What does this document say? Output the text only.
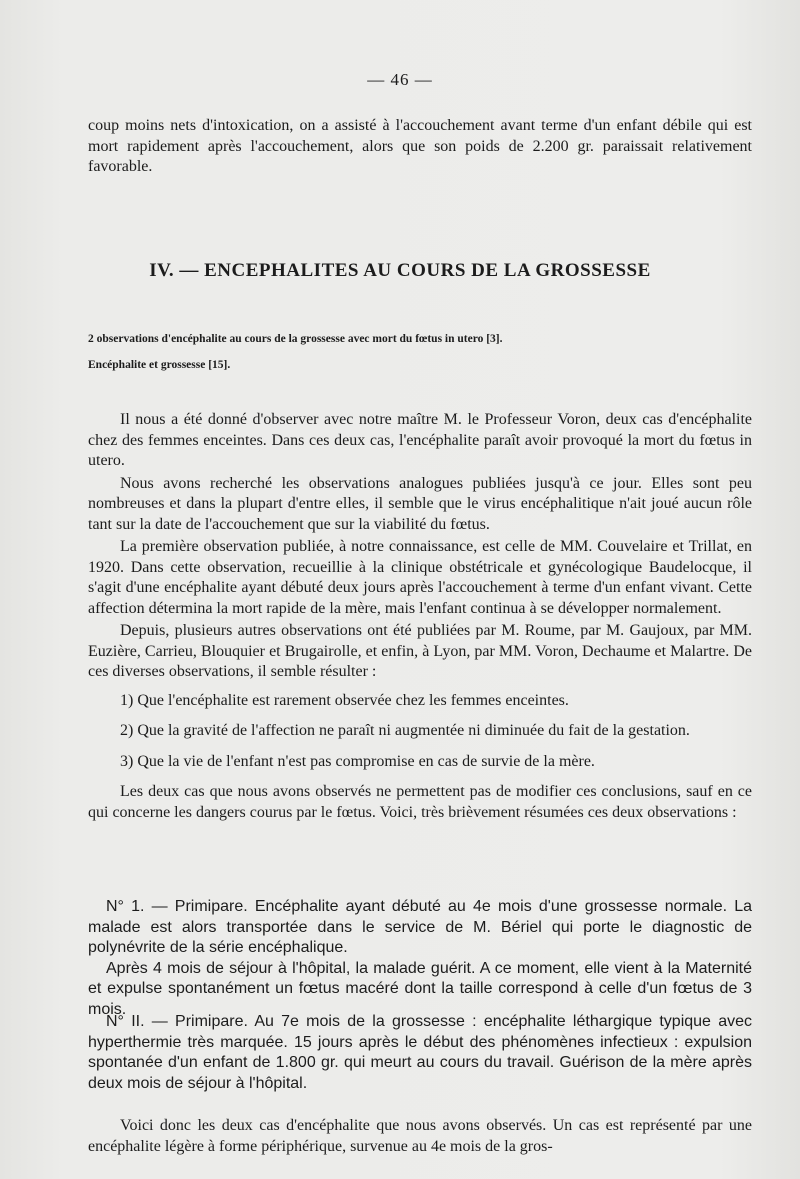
— 46 —

coup moins nets d'intoxication, on a assisté à l'accouchement avant terme d'un enfant débile qui est mort rapidement après l'accouchement, alors que son poids de 2.200 gr. paraissait relativement favorable.

IV. — ENCEPHALITES AU COURS DE LA GROSSESSE

2 observations d'encéphalite au cours de la grossesse avec mort du fœtus in utero [3].

Encéphalite et grossesse [15].

Il nous a été donné d'observer avec notre maître M. le Professeur Voron, deux cas d'encéphalite chez des femmes enceintes. Dans ces deux cas, l'encéphalite paraît avoir provoqué la mort du fœtus in utero.

Nous avons recherché les observations analogues publiées jusqu'à ce jour. Elles sont peu nombreuses et dans la plupart d'entre elles, il semble que le virus encéphalitique n'ait joué aucun rôle tant sur la date de l'accouchement que sur la viabilité du fœtus.

La première observation publiée, à notre connaissance, est celle de MM. Couvelaire et Trillat, en 1920. Dans cette observation, recueillie à la clinique obstétricale et gynécologique Baudelocque, il s'agit d'une encéphalite ayant débuté deux jours après l'accouchement à terme d'un enfant vivant. Cette affection détermina la mort rapide de la mère, mais l'enfant continua à se développer normalement.

Depuis, plusieurs autres observations ont été publiées par M. Roume, par M. Gaujoux, par MM. Euzière, Carrieu, Blouquier et Brugairolle, et enfin, à Lyon, par MM. Voron, Dechaume et Malartre. De ces diverses observations, il semble résulter :

1) Que l'encéphalite est rarement observée chez les femmes enceintes.

2) Que la gravité de l'affection ne paraît ni augmentée ni diminuée du fait de la gestation.

3) Que la vie de l'enfant n'est pas compromise en cas de survie de la mère.

Les deux cas que nous avons observés ne permettent pas de modifier ces conclusions, sauf en ce qui concerne les dangers courus par le fœtus. Voici, très brièvement résumées ces deux observations :

N° 1. — Primipare. Encéphalite ayant débuté au 4e mois d'une grossesse normale. La malade est alors transportée dans le service de M. Bériel qui porte le diagnostic de polynévrite de la série encéphalique.

Après 4 mois de séjour à l'hôpital, la malade guérit. A ce moment, elle vient à la Maternité et expulse spontanément un fœtus macéré dont la taille correspond à celle d'un fœtus de 3 mois.

N° II. — Primipare. Au 7e mois de la grossesse : encéphalite léthargique typique avec hyperthermie très marquée. 15 jours après le début des phénomènes infectieux : expulsion spontanée d'un enfant de 1.800 gr. qui meurt au cours du travail. Guérison de la mère après deux mois de séjour à l'hôpital.

Voici donc les deux cas d'encéphalite que nous avons observés. Un cas est représenté par une encéphalite légère à forme périphérique, survenue au 4e mois de la gros-
